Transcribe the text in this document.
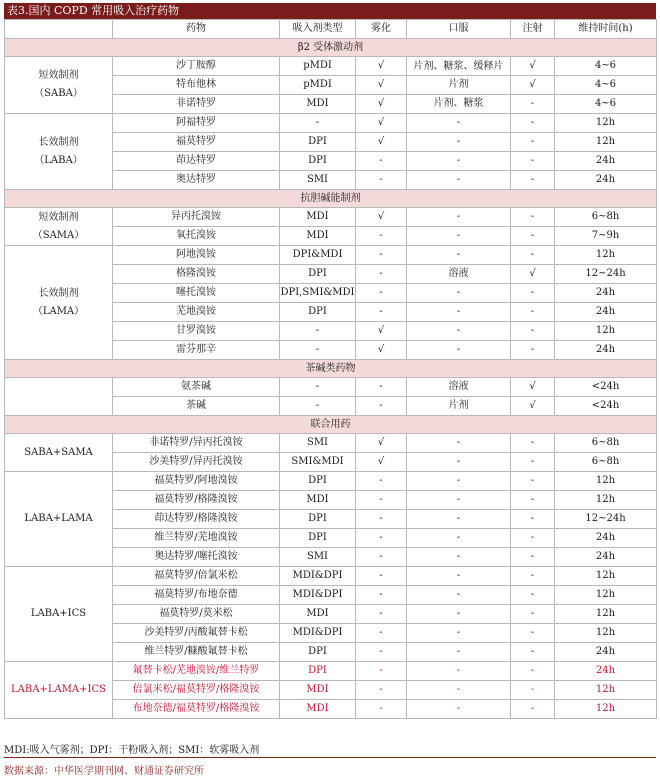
表3.国内 COPD 常用吸入治疗药物
	药物	吸入剂类型	雾化	口服	注射	维持时间(h)
β2 受体激动剂						

短效制剂
（SABA）	沙丁胺醇	pMDI	√	片剂、糖浆、缓释片	√	4~6
	特布他林	pMDI	√	片剂	√	4~6
	非诺特罗	MDI	√	片剂、糖浆	-	4~6

长效制剂
（LABA）	阿福特罗	-	√	-	-	12h
	福莫特罗	DPI	√	-	-	12h
	茚达特罗	DPI	-	-	-	24h
	奥达特罗	SMI	-	-	-	24h
抗胆碱能制剂						

短效制剂
（SAMA）	异丙托溴铵	MDI	√	-	-	6~8h
	氧托溴铵	MDI	-	-	-	7~9h

长效制剂
（LAMA）	阿地溴铵	DPI&MDI	-	-	-	12h
	格隆溴铵	DPI	-	溶液	√	12~24h
	噻托溴铵	DPI,SMI&MDI	-	-	-	24h
	芜地溴铵	DPI	-	-	-	24h
	甘罗溴铵	-	√	-	-	12h
	雷芬那辛	-	√	-	-	24h
茶碱类药物						
	氨茶碱	-	-	溶液	√	<24h
	茶碱	-	-	片剂	√	<24h
联合用药						

SABA+SAMA	非诺特罗/异丙托溴铵	SMI	√	-	-	6~8h
	沙美特罗/异丙托溴铵	SMI&MDI	√	-	-	6~8h

LABA+LAMA	福莫特罗/阿地溴铵	DPI	-	-	-	12h
	福莫特罗/格隆溴铵	MDI	-	-	-	12h
	茚达特罗/格隆溴铵	DPI	-	-	-	12~24h
	维兰特罗/芜地溴铵	DPI	-	-	-	24h
	奥达特罗/噻托溴铵	SMI	-	-	-	24h

LABA+ICS	福莫特罗/倍氯米松	MDI&DPI	-	-	-	12h
	福莫特罗/布地奈德	MDI&DPI	-	-	-	12h
	福莫特罗/莫米松	MDI	-	-	-	12h
	沙美特罗/丙酸氟替卡松	MDI&DPI	-	-	-	12h
	维兰特罗/糠酸氟替卡松	DPI	-	-	-	24h

LABA+LAMA+ICS	氟替卡松/芜地溴铵/维兰特罗	DPI	-	-	-	24h
	倍氯米松/福莫特罗/格隆溴铵	MDI	-	-	-	12h
	布地奈德/福莫特罗/格隆溴铵	MDI	-	-	-	12h
MDI:吸入气雾剂；DPI：干粉吸入剂；SMI：软雾吸入剂
数据来源：中华医学期刊网、财通证券研究所
